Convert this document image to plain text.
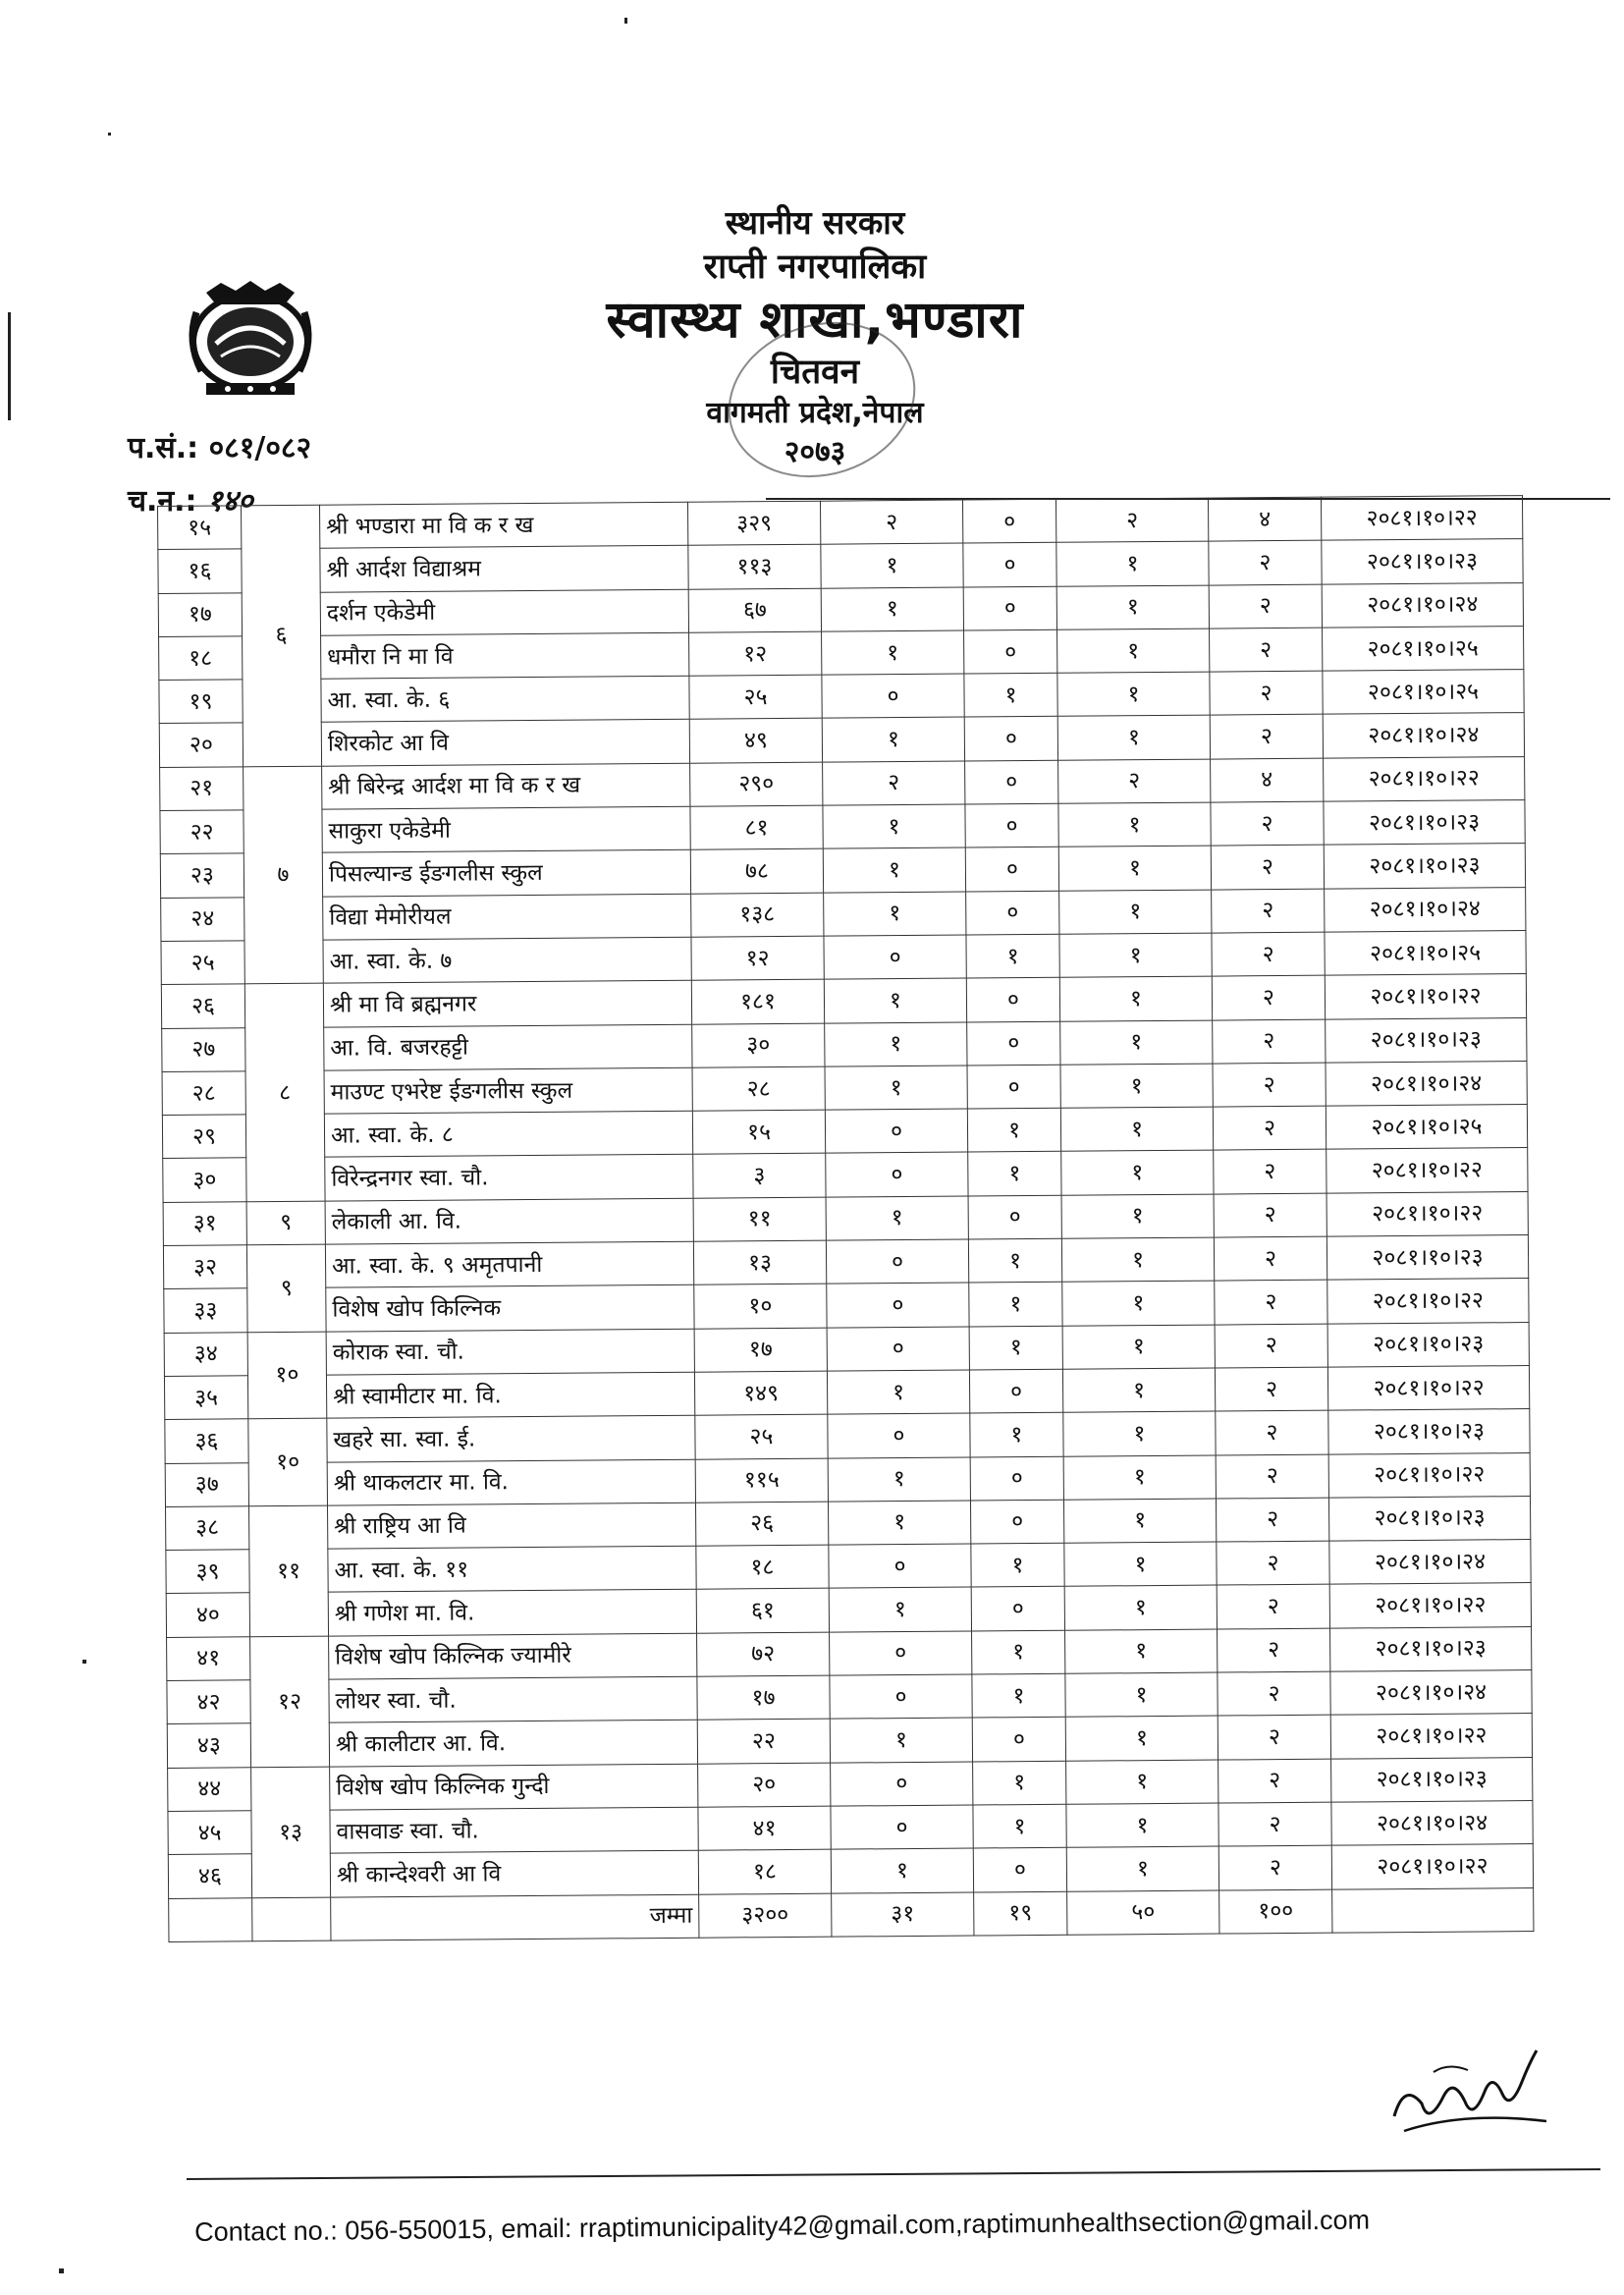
स्थानीय सरकार
राप्ती नगरपालिका
स्वास्थ्य शाखा,भण्डारा
चितवन
वागमती प्रदेश,नेपाल
२०७३
प.सं.: ०८१/०८२
च.न.: १४०
१५	६	श्री भण्डारा मा वि क र ख	३२९	२	०	२	४	२०८१।१०।२२
१६		श्री आर्दश विद्याश्रम	११३	१	०	१	२	२०८१।१०।२३
१७		दर्शन एकेडेमी	६७	१	०	१	२	२०८१।१०।२४
१८		धमौरा नि मा वि	१२	१	०	१	२	२०८१।१०।२५
१९		आ. स्वा. के. ६	२५	०	१	१	२	२०८१।१०।२५
२०		शिरकोट आ वि	४९	१	०	१	२	२०८१।१०।२४
२१	७	श्री बिरेन्द्र आर्दश मा वि क र ख	२९०	२	०	२	४	२०८१।१०।२२
२२		साकुरा एकेडेमी	८१	१	०	१	२	२०८१।१०।२३
२३		पिसल्यान्ड ईङगलीस स्कुल	७८	१	०	१	२	२०८१।१०।२३
२४		विद्या मेमोरीयल	१३८	१	०	१	२	२०८१।१०।२४
२५		आ. स्वा. के. ७	१२	०	१	१	२	२०८१।१०।२५
२६	८	श्री मा वि ब्रह्मनगर	१८१	१	०	१	२	२०८१।१०।२२
२७		आ. वि. बजरहट्टी	३०	१	०	१	२	२०८१।१०।२३
२८		माउण्ट एभरेष्ट ईङगलीस स्कुल	२८	१	०	१	२	२०८१।१०।२४
२९		आ. स्वा. के. ८	१५	०	१	१	२	२०८१।१०।२५
३०		विरेन्द्रनगर स्वा. चौ.	३	०	१	१	२	२०८१।१०।२२
३१	९	लेकाली आ. वि.	११	१	०	१	२	२०८१।१०।२२
३२	९	आ. स्वा. के. ९ अमृतपानी	१३	०	१	१	२	२०८१।१०।२३
३३		विशेष खोप किल्निक	१०	०	१	१	२	२०८१।१०।२२
३४	१०	कोराक स्वा. चौ.	१७	०	१	१	२	२०८१।१०।२३
३५		श्री स्वामीटार मा. वि.	१४९	१	०	१	२	२०८१।१०।२२
३६	१०	खहरे सा. स्वा. ई.	२५	०	१	१	२	२०८१।१०।२३
३७		श्री थाकलटार मा. वि.	११५	१	०	१	२	२०८१।१०।२२
३८	११	श्री राष्ट्रिय आ वि	२६	१	०	१	२	२०८१।१०।२३
३९		आ. स्वा. के. ११	१८	०	१	१	२	२०८१।१०।२४
४०		श्री गणेश मा. वि.	६१	१	०	१	२	२०८१।१०।२२
४१	१२	विशेष खोप किल्निक ज्यामीरे	७२	०	१	१	२	२०८१।१०।२३
४२		लोथर स्वा. चौ.	१७	०	१	१	२	२०८१।१०।२४
४३		श्री कालीटार आ. वि.	२२	१	०	१	२	२०८१।१०।२२
४४	१३	विशेष खोप किल्निक गुन्दी	२०	०	१	१	२	२०८१।१०।२३
४५		वासवाङ स्वा. चौ.	४१	०	१	१	२	२०८१।१०।२४
४६		श्री कान्देश्वरी आ वि	१८	१	०	१	२	२०८१।१०।२२
		जम्मा	३२००	३१	१९	५०	१००	
Contact no.: 056-550015, email: rraptimunicipality42@gmail.com,raptimunhealthsection@gmail.com
